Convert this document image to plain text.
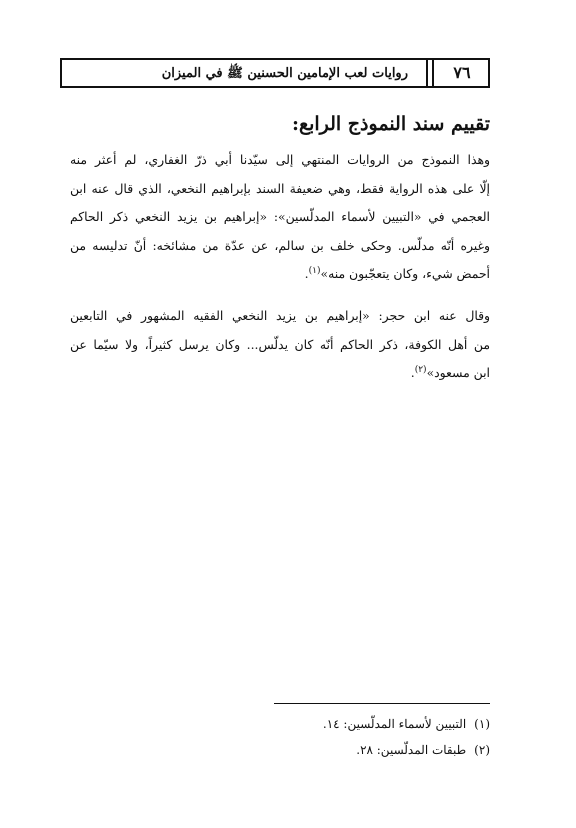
روايات لعب الإمامين الحسنين ﷺ في الميزان	٧٦
تقييم سند النموذج الرابع:
وهذا النموذج من الروايات المنتهي إلى سيّدنا أبي ذرّ الغفاري، لم أعثر منه
إلّا على هذه الرواية فقط، وهي ضعيفة السند بإبراهيم النخعي، الذي قال عنه ابن
العجمي في «التبيين لأسماء المدلّسين»: «إبراهيم بن يزيد النخعي ذكر الحاكم
وغيره أنّه مدلّس. وحكى خلف بن سالم، عن عدّة من مشائخه: أنّ تدليسه من
أحمض شيء، وكان يتعجّبون منه»$^{(١)}$.
وقال عنه ابن حجر: «إبراهيم بن يزيد النخعي الفقيه المشهور في التابعين
من أهل الكوفة، ذكر الحاكم أنّه كان يدلّس... وكان يرسل كثيراً، ولا سيّما عن
ابن مسعود»$^{(٢)}$.
(١)التبيين لأسماء المدلّسين: ١٤.
(٢)طبقات المدلّسين: ٢٨.
